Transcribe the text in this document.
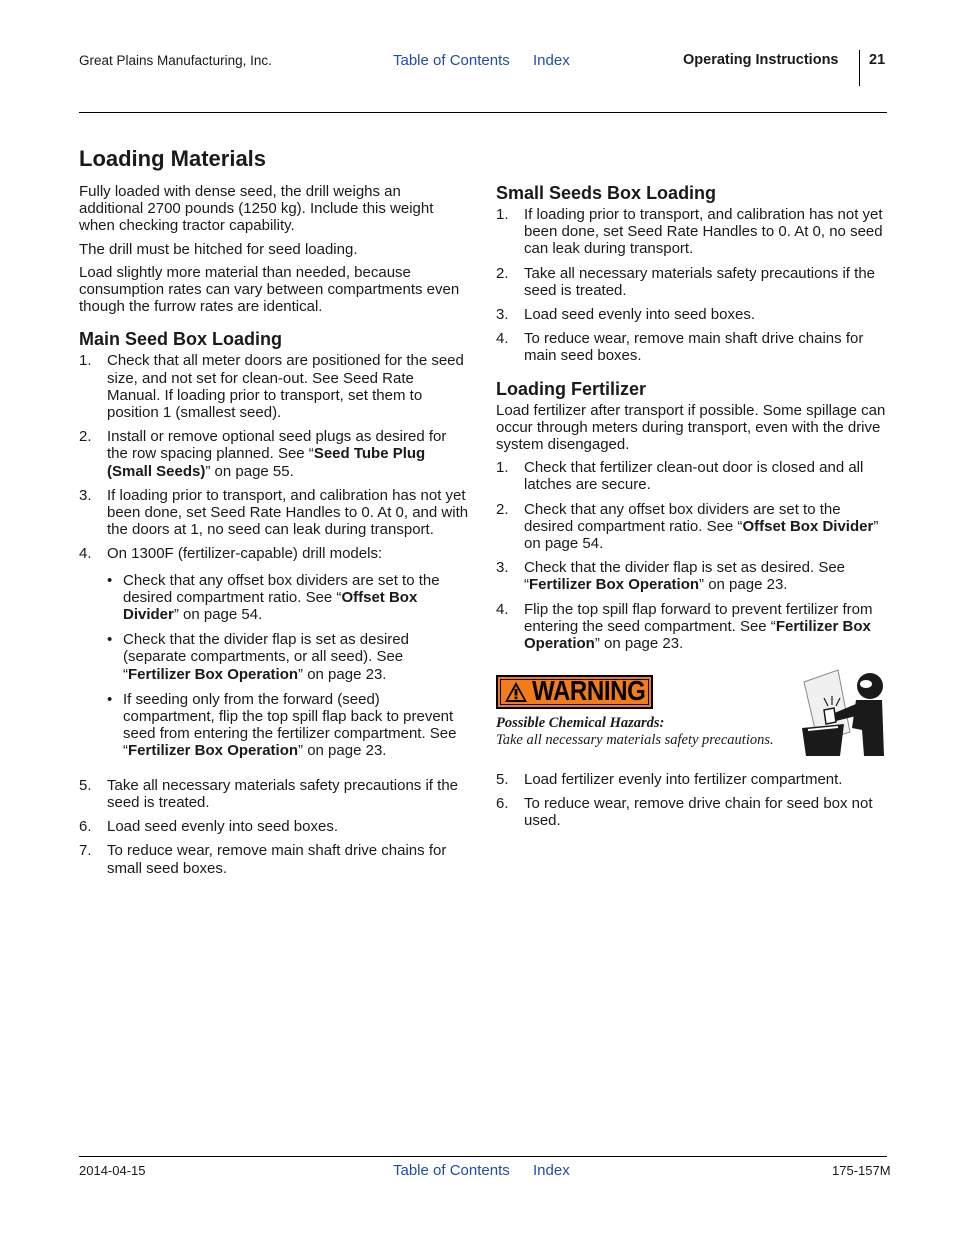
Great Plains Manufacturing, Inc.	Table of Contents Index	Operating Instructions 21
Loading Materials

Fully loaded with dense seed, the drill weighs an additional 2700 pounds (1250 kg). Include this weight when checking tractor capability.

The drill must be hitched for seed loading.

Load slightly more material than needed, because consumption rates can vary between compartments even though the furrow rates are identical.

Main Seed Box Loading
1. Check that all meter doors are positioned for the seed size, and not set for clean-out. See Seed Rate Manual. If loading prior to transport, set them to position 1 (smallest seed).
2. Install or remove optional seed plugs as desired for the row spacing planned. See “Seed Tube Plug (Small Seeds)” on page 55.
3. If loading prior to transport, and calibration has not yet been done, set Seed Rate Handles to 0. At 0, and with the doors at 1, no seed can leak during transport.
4. On 1300F (fertilizer-capable) drill models:
• Check that any offset box dividers are set to the desired compartment ratio. See “Offset Box Divider” on page 54.
• Check that the divider flap is set as desired (separate compartments, or all seed). See “Fertilizer Box Operation” on page 23.
• If seeding only from the forward (seed) compartment, flip the top spill flap back to prevent seed from entering the fertilizer compartment. See “Fertilizer Box Operation” on page 23.
5. Take all necessary materials safety precautions if the seed is treated.
6. Load seed evenly into seed boxes.
7. To reduce wear, remove main shaft drive chains for small seed boxes.
Small Seeds Box Loading
1. If loading prior to transport, and calibration has not yet been done, set Seed Rate Handles to 0. At 0, no seed can leak during transport.
2. Take all necessary materials safety precautions if the seed is treated.
3. Load seed evenly into seed boxes.
4. To reduce wear, remove main shaft drive chains for main seed boxes.
Loading Fertilizer

Load fertilizer after transport if possible. Some spillage can occur through meters during transport, even with the drive system disengaged.

1. Check that fertilizer clean-out door is closed and all latches are secure.
2. Check that any offset box dividers are set to the desired compartment ratio. See “Offset Box Divider” on page 54.
3. Check that the divider flap is set as desired. See “Fertilizer Box Operation” on page 23.
4. Flip the top spill flap forward to prevent fertilizer from entering the seed compartment. See “Fertilizer Box Operation” on page 23.
WARNING
Possible Chemical Hazards:
Take all necessary materials safety precautions.
5. Load fertilizer evenly into fertilizer compartment.
6. To reduce wear, remove drive chain for seed box not used.
2014-04-15	Table of Contents Index	175-157M
